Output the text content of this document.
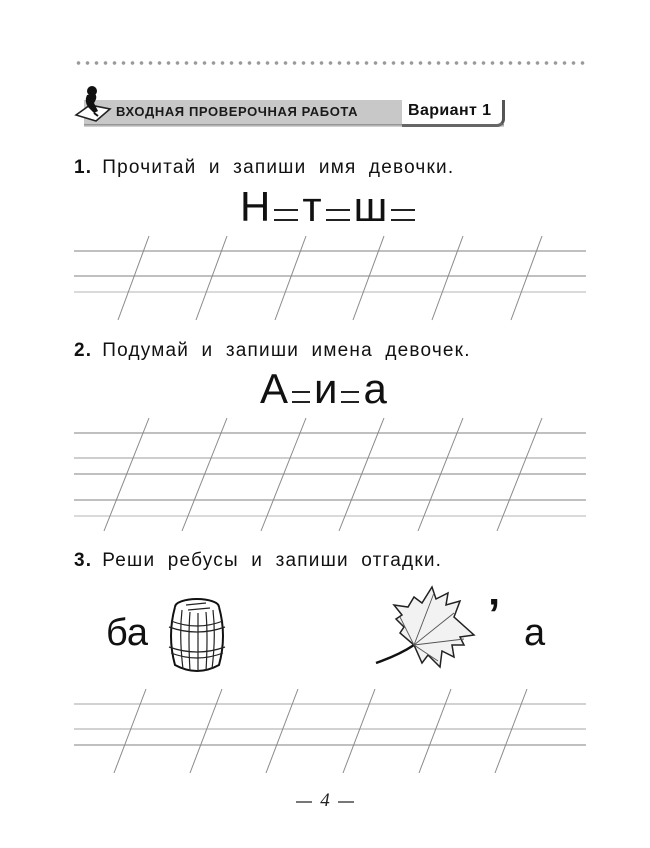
ВХОДНАЯ ПРОВЕРОЧНАЯ РАБОТА	Вариант 1
1. Прочитай и запиши имя девочки.
Н т ш
2. Подумай и запиши имена девочек.
А и а
3. Реши ребусы и запиши отгадки.
ба	’ а
4
